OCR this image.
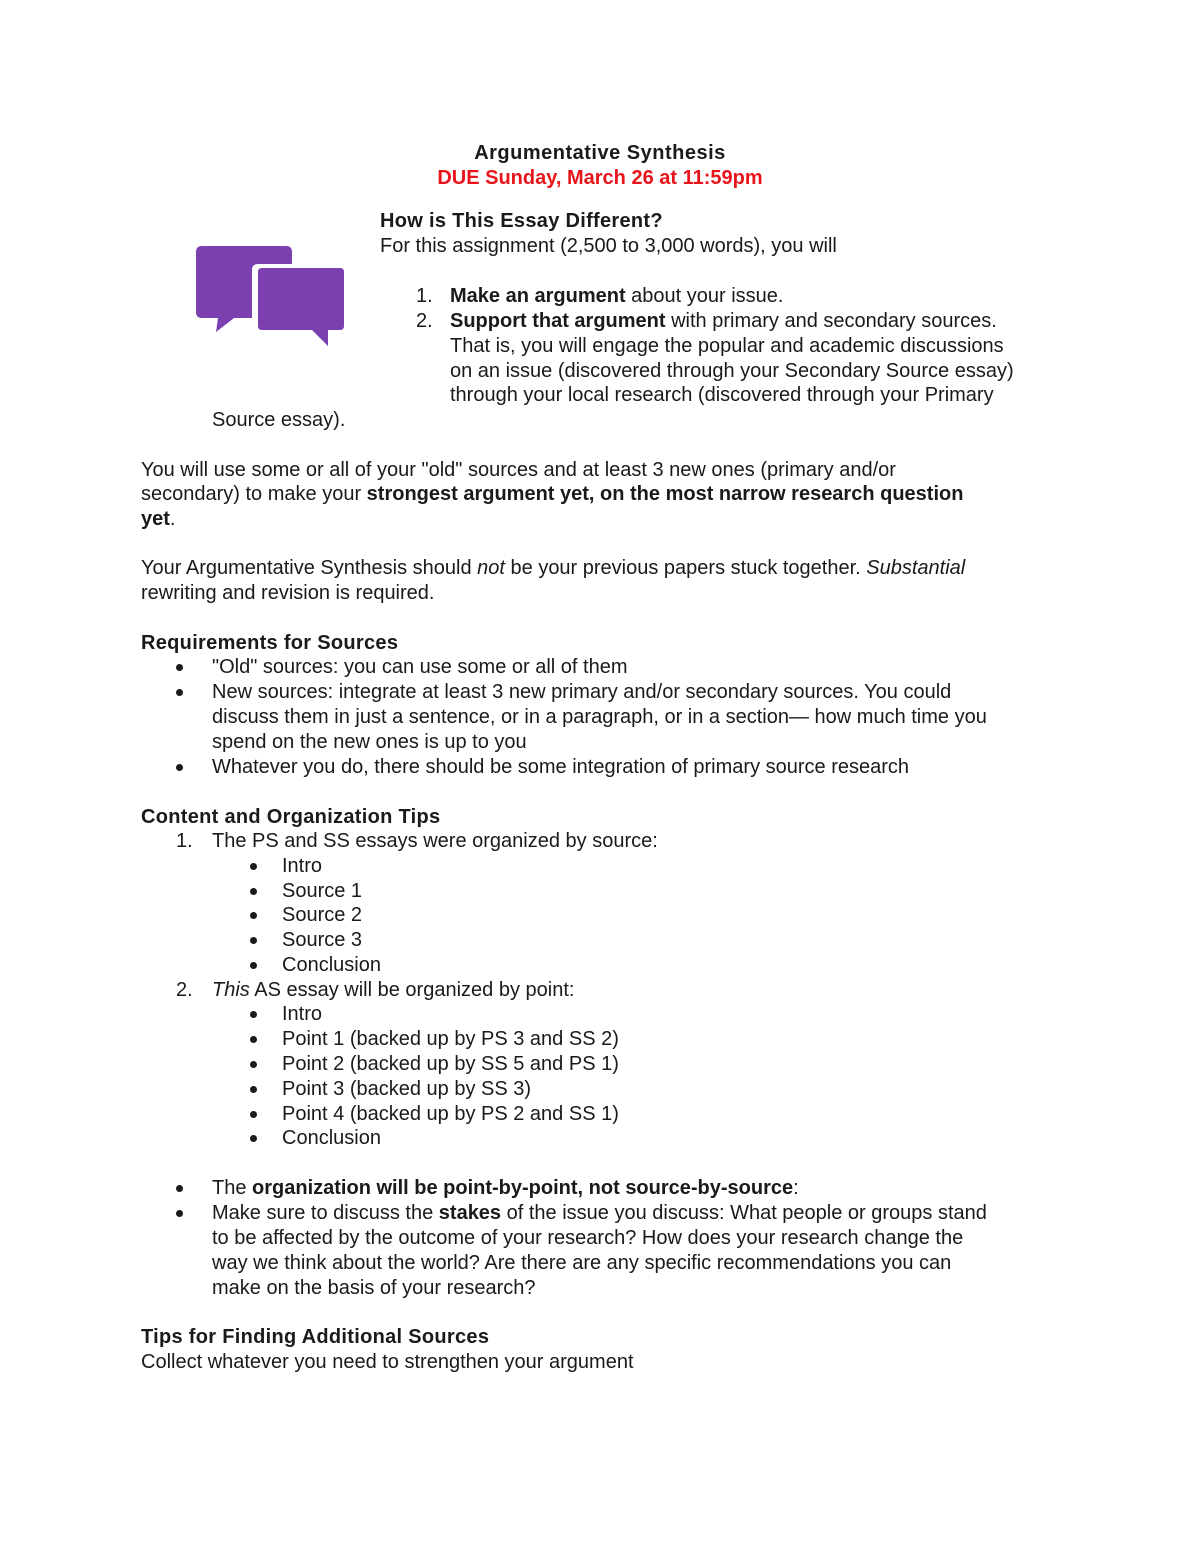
Argumentative Synthesis
DUE Sunday, March 26 at 11:59pm
How is This Essay Different?
For this assignment (2,500 to 3,000 words), you will
1. Make an argument about your issue.
2. Support that argument with primary and secondary sources.
That is, you will engage the popular and academic discussions
on an issue (discovered through your Secondary Source essay)
through your local research (discovered through your Primary
Source essay).
You will use some or all of your "old" sources and at least 3 new ones (primary and/or
secondary) to make your strongest argument yet, on the most narrow research question
yet.
Your Argumentative Synthesis should not be your previous papers stuck together. Substantial
rewriting and revision is required.
Requirements for Sources
"Old" sources: you can use some or all of them
New sources: integrate at least 3 new primary and/or secondary sources. You could
discuss them in just a sentence, or in a paragraph, or in a section— how much time you
spend on the new ones is up to you
Whatever you do, there should be some integration of primary source research
Content and Organization Tips
1. The PS and SS essays were organized by source:
Intro
Source 1
Source 2
Source 3
Conclusion
2. This AS essay will be organized by point:
Intro
Point 1 (backed up by PS 3 and SS 2)
Point 2 (backed up by SS 5 and PS 1)
Point 3 (backed up by SS 3)
Point 4 (backed up by PS 2 and SS 1)
Conclusion
The organization will be point-by-point, not source-by-source:
Make sure to discuss the stakes of the issue you discuss: What people or groups stand
to be affected by the outcome of your research? How does your research change the
way we think about the world? Are there are any specific recommendations you can
make on the basis of your research?
Tips for Finding Additional Sources
Collect whatever you need to strengthen your argument
